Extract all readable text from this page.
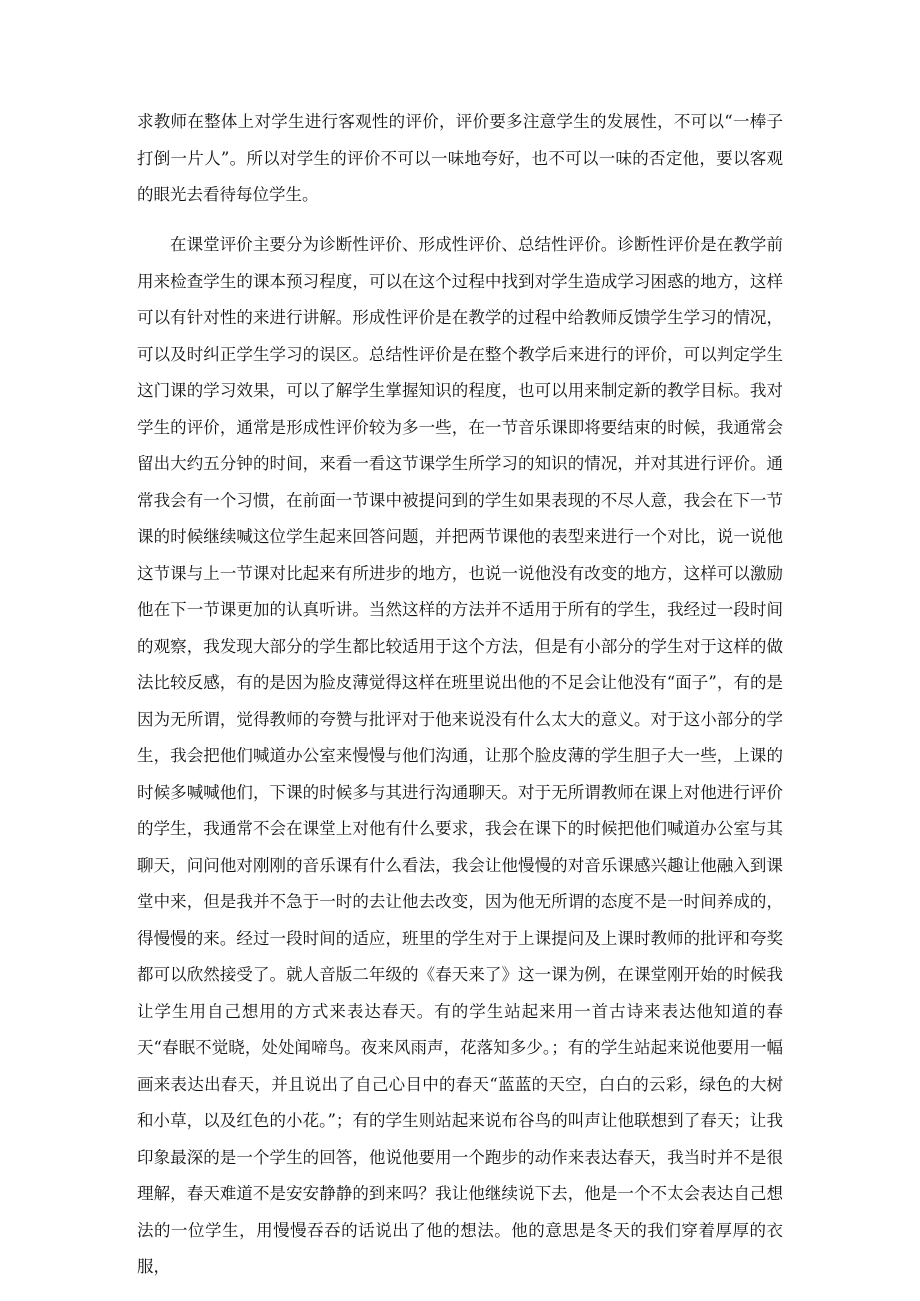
求教师在整体上对学生进行客观性的评价，评价要多注意学生的发展性，不可以“一棒子打倒一片人”。所以对学生的评价不可以一味地夸好，也不可以一味的否定他，要以客观的眼光去看待每位学生。

在课堂评价主要分为诊断性评价、形成性评价、总结性评价。诊断性评价是在教学前用来检查学生的课本预习程度，可以在这个过程中找到对学生造成学习困惑的地方，这样可以有针对性的来进行讲解。形成性评价是在教学的过程中给教师反馈学生学习的情况，可以及时纠正学生学习的误区。总结性评价是在整个教学后来进行的评价，可以判定学生这门课的学习效果，可以了解学生掌握知识的程度，也可以用来制定新的教学目标。我对学生的评价，通常是形成性评价较为多一些，在一节音乐课即将要结束的时候，我通常会留出大约五分钟的时间，来看一看这节课学生所学习的知识的情况，并对其进行评价。通常我会有一个习惯，在前面一节课中被提问到的学生如果表现的不尽人意，我会在下一节课的时候继续喊这位学生起来回答问题，并把两节课他的表型来进行一个对比，说一说他这节课与上一节课对比起来有所进步的地方，也说一说他没有改变的地方，这样可以激励他在下一节课更加的认真听讲。当然这样的方法并不适用于所有的学生，我经过一段时间的观察，我发现大部分的学生都比较适用于这个方法，但是有小部分的学生对于这样的做法比较反感，有的是因为脸皮薄觉得这样在班里说出他的不足会让他没有“面子”，有的是因为无所谓，觉得教师的夸赞与批评对于他来说没有什么太大的意义。对于这小部分的学生，我会把他们喊道办公室来慢慢与他们沟通，让那个脸皮薄的学生胆子大一些，上课的时候多喊喊他们，下课的时候多与其进行沟通聊天。对于无所谓教师在课上对他进行评价的学生，我通常不会在课堂上对他有什么要求，我会在课下的时候把他们喊道办公室与其聊天，问问他对刚刚的音乐课有什么看法，我会让他慢慢的对音乐课感兴趣让他融入到课堂中来，但是我并不急于一时的去让他去改变，因为他无所谓的态度不是一时间养成的，得慢慢的来。经过一段时间的适应，班里的学生对于上课提问及上课时教师的批评和夸奖都可以欣然接受了。就人音版二年级的《春天来了》这一课为例，在课堂刚开始的时候我让学生用自己想用的方式来表达春天。有的学生站起来用一首古诗来表达他知道的春天“春眠不觉晓，处处闻啼鸟。夜来风雨声，花落知多少。；有的学生站起来说他要用一幅画来表达出春天，并且说出了自己心目中的春天“蓝蓝的天空，白白的云彩，绿色的大树和小草，以及红色的小花。”；有的学生则站起来说布谷鸟的叫声让他联想到了春天；让我印象最深的是一个学生的回答，他说他要用一个跑步的动作来表达春天，我当时并不是很理解，春天难道不是安安静静的到来吗？我让他继续说下去，他是一个不太会表达自己想法的一位学生，用慢慢吞吞的话说出了他的想法。他的意思是冬天的我们穿着厚厚的衣服，
